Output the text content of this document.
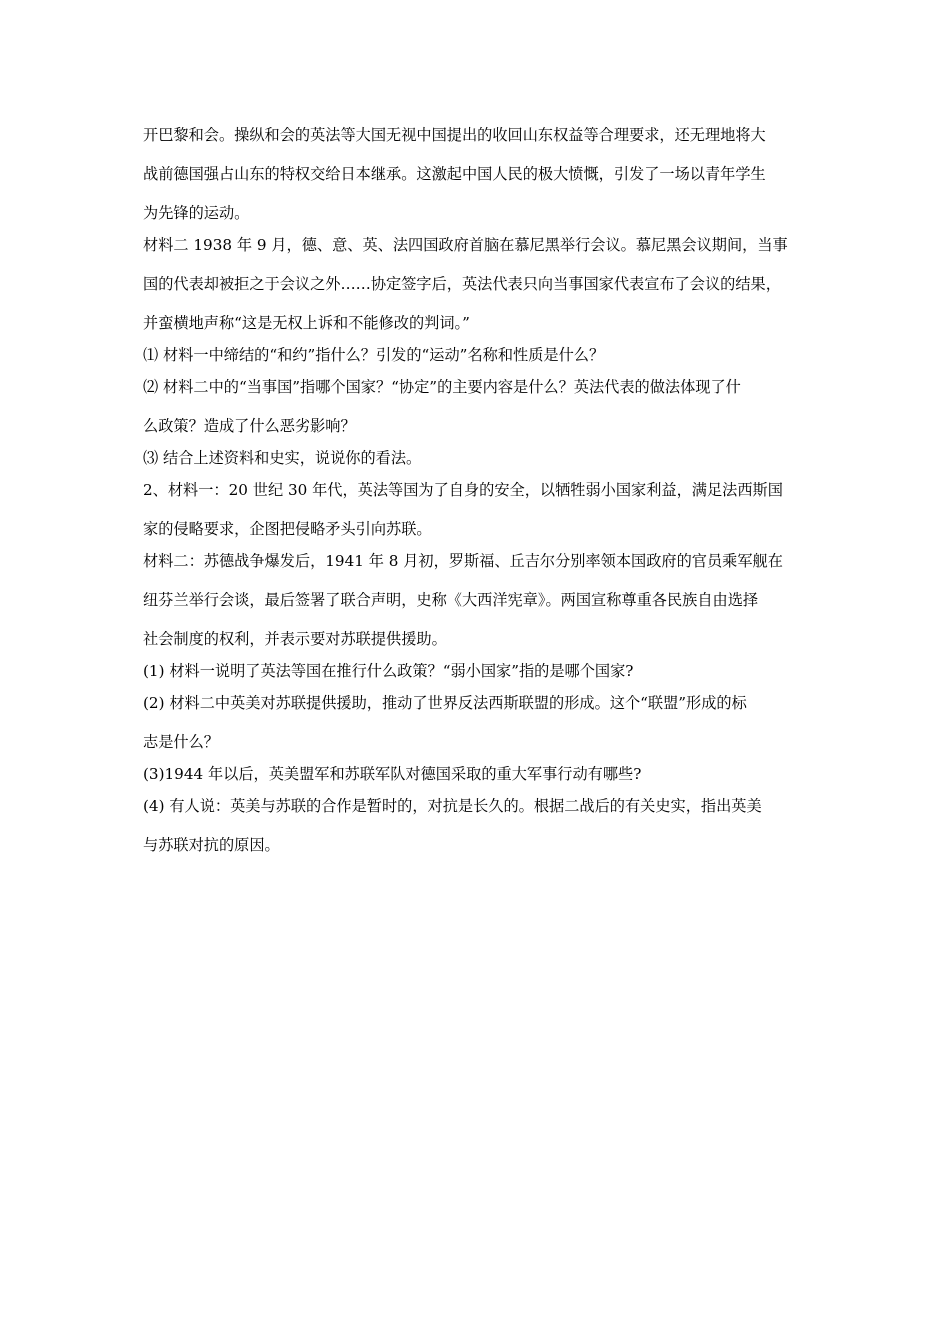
开巴黎和会。操纵和会的英法等大国无视中国提出的收回山东权益等合理要求，还无理地将大
战前德国强占山东的特权交给日本继承。这激起中国人民的极大愤慨，引发了一场以青年学生
为先锋的运动。
材料二 1938 年 9 月，德、意、英、法四国政府首脑在慕尼黑举行会议。慕尼黑会议期间，当事
国的代表却被拒之于会议之外……协定签字后，英法代表只向当事国家代表宣布了会议的结果，
并蛮横地声称“这是无权上诉和不能修改的判词。”
⑴ 材料一中缔结的“和约”指什么？引发的“运动”名称和性质是什么？
⑵ 材料二中的“当事国”指哪个国家？“协定”的主要内容是什么？英法代表的做法体现了什
么政策？造成了什么恶劣影响？
⑶ 结合上述资料和史实，说说你的看法。
2、材料一：20 世纪 30 年代，英法等国为了自身的安全，以牺牲弱小国家利益，满足法西斯国
家的侵略要求，企图把侵略矛头引向苏联。
材料二：苏德战争爆发后，1941 年 8 月初，罗斯福、丘吉尔分别率领本国政府的官员乘军舰在
纽芬兰举行会谈，最后签署了联合声明，史称《大西洋宪章》。两国宣称尊重各民族自由选择
社会制度的权利，并表示要对苏联提供援助。
(1) 材料一说明了英法等国在推行什么政策？“弱小国家”指的是哪个国家?
(2) 材料二中英美对苏联提供援助，推动了世界反法西斯联盟的形成。这个“联盟”形成的标
志是什么？
(3)1944 年以后，英美盟军和苏联军队对德国采取的重大军事行动有哪些?
(4) 有人说：英美与苏联的合作是暂时的，对抗是长久的。根据二战后的有关史实，指出英美
与苏联对抗的原因。
